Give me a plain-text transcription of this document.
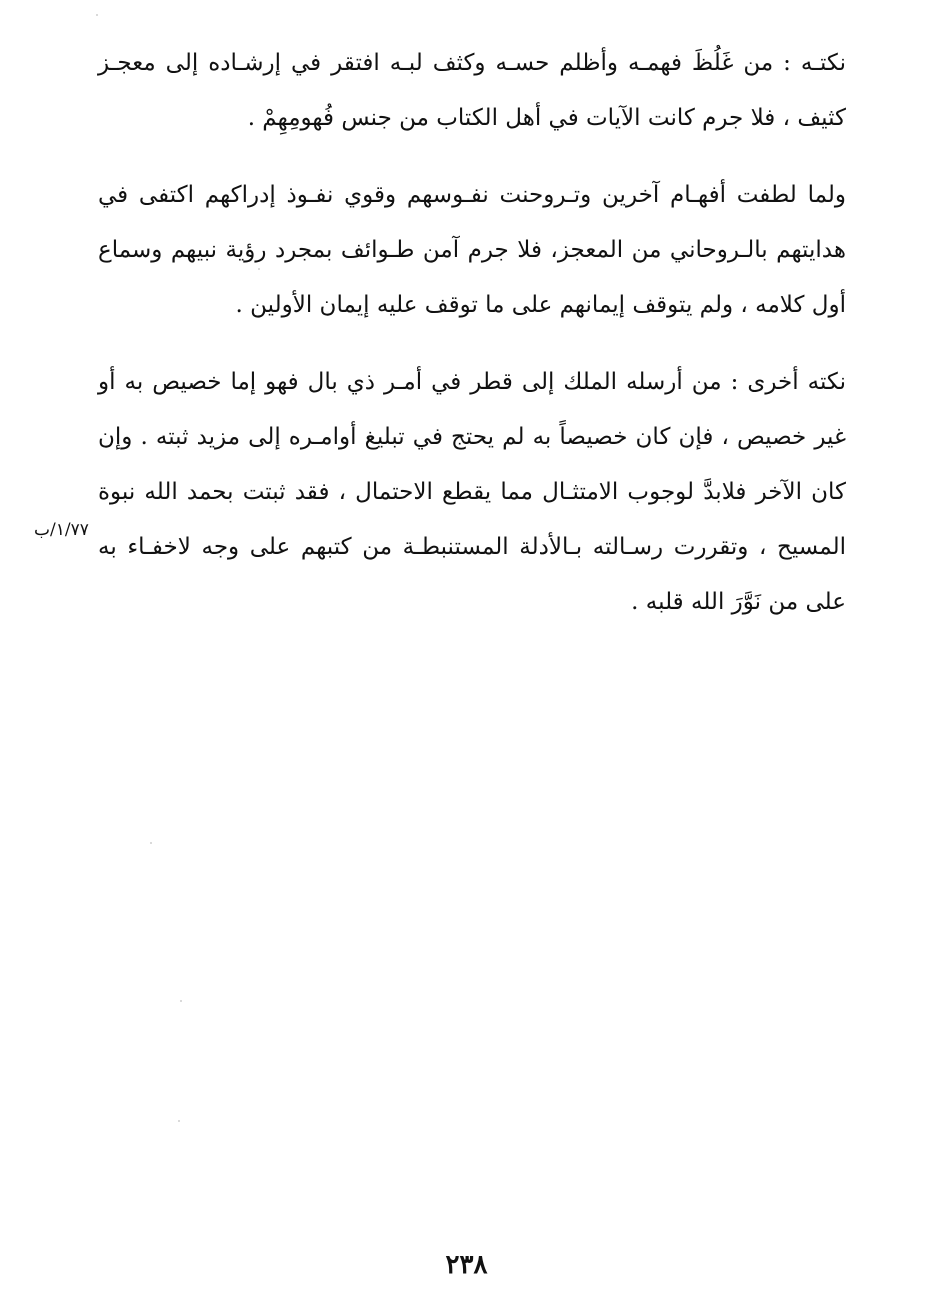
نكتـه : من غَلُظَ فهمـه وأظلم حسـه وكثف لبـه افتقر في إرشـاده إلى معجـز كثيف ، فلا جرم كانت الآيات في أهل الكتاب من جنس فُهومِهِمْ .

ولما لطفت أفهـام آخرين وتـروحنت نفـوسهم وقوي نفـوذ إدراكهم اكتفى في هدايتهم بالـروحاني من المعجز، فلا جرم آمن طـوائف بمجرد رؤية نبيهم وسماع أول كلامه ، ولم يتوقف إيمانهم على ما توقف عليه إيمان الأولين .

نكته أخرى : من أرسله الملك إلى قطر في أمـر ذي بال فهو إما خصيص به أو غير خصيص ، فإن كان خصيصاً به لم يحتج في تبليغ أوامـره إلى مزيد ثبته . وإن كان الآخر فلابدَّ لوجوب الامتثـال مما يقطع الاحتمال ، فقد ثبتت بحمد الله نبوة المسيح ، وتقررت رسـالته بـالأدلة المستنبطـة من كتبهم على وجه لاخفـاء به على من نَوَّرَ الله قلبه .

١/٧٧/ب
٢٣٨
